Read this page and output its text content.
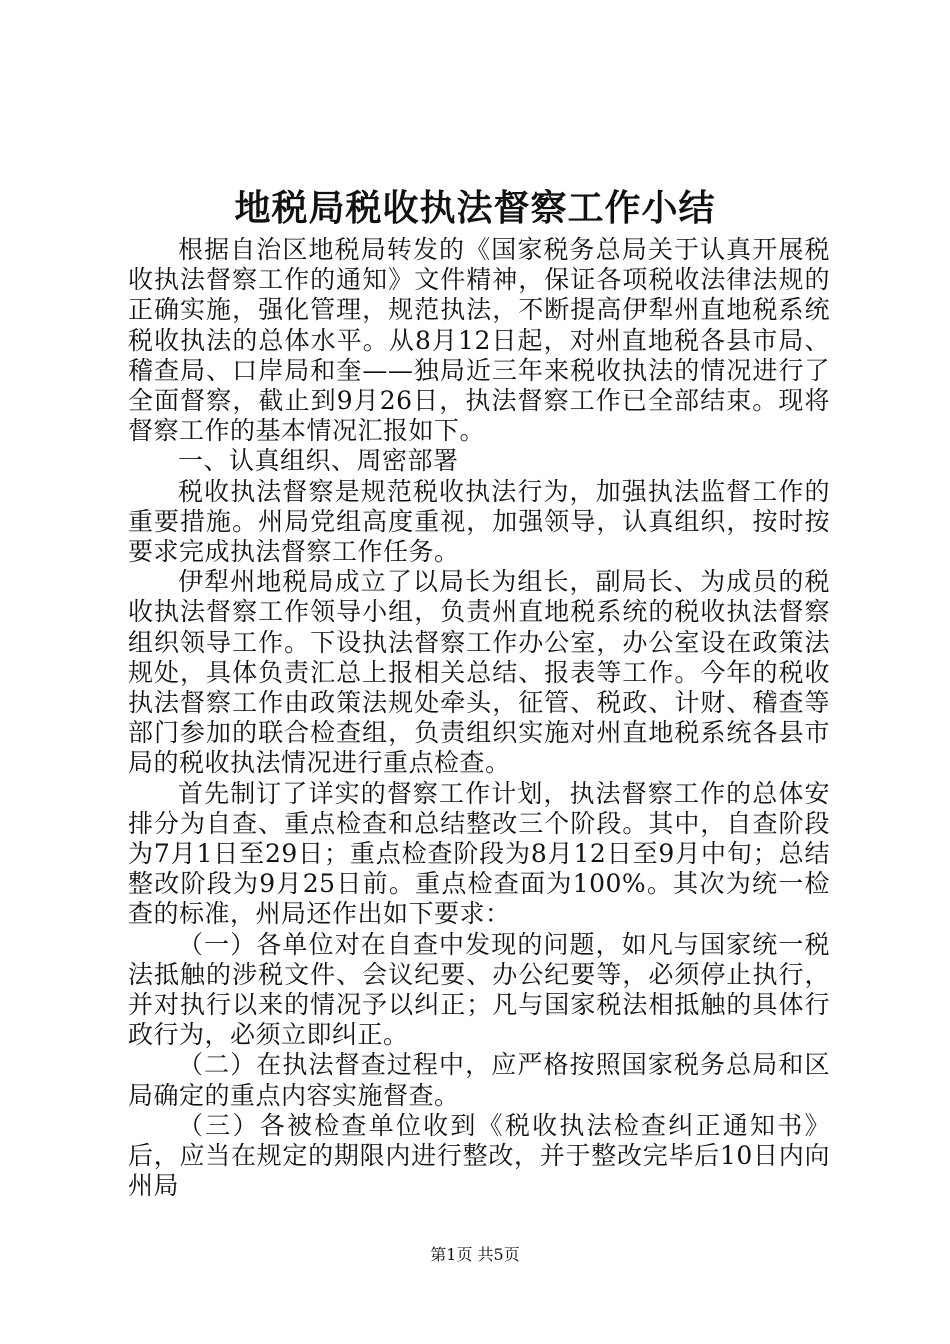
地税局税收执法督察工作小结

根据自治区地税局转发的《国家税务总局关于认真开展税收执法督察工作的通知》文件精神，保证各项税收法律法规的正确实施，强化管理，规范执法，不断提高伊犁州直地税系统税收执法的总体水平。从8月12日起，对州直地税各县市局、稽查局、口岸局和奎——独局近三年来税收执法的情况进行了全面督察，截止到9月26日，执法督察工作已全部结束。现将督察工作的基本情况汇报如下。

一、认真组织、周密部署

税收执法督察是规范税收执法行为，加强执法监督工作的重要措施。州局党组高度重视，加强领导，认真组织，按时按要求完成执法督察工作任务。

伊犁州地税局成立了以局长为组长，副局长、为成员的税收执法督察工作领导小组，负责州直地税系统的税收执法督察组织领导工作。下设执法督察工作办公室，办公室设在政策法规处，具体负责汇总上报相关总结、报表等工作。今年的税收执法督察工作由政策法规处牵头，征管、税政、计财、稽查等部门参加的联合检查组，负责组织实施对州直地税系统各县市局的税收执法情况进行重点检查。

首先制订了详实的督察工作计划，执法督察工作的总体安排分为自查、重点检查和总结整改三个阶段。其中，自查阶段为7月1日至29日；重点检查阶段为8月12日至9月中旬；总结整改阶段为9月25日前。重点检查面为100%。其次为统一检查的标准，州局还作出如下要求：

（一）各单位对在自查中发现的问题，如凡与国家统一税法抵触的涉税文件、会议纪要、办公纪要等，必须停止执行，并对执行以来的情况予以纠正；凡与国家税法相抵触的具体行政行为，必须立即纠正。

（二）在执法督查过程中，应严格按照国家税务总局和区局确定的重点内容实施督查。

（三）各被检查单位收到《税收执法检查纠正通知书》后，应当在规定的期限内进行整改，并于整改完毕后10日内向州局

第1页 共5页
